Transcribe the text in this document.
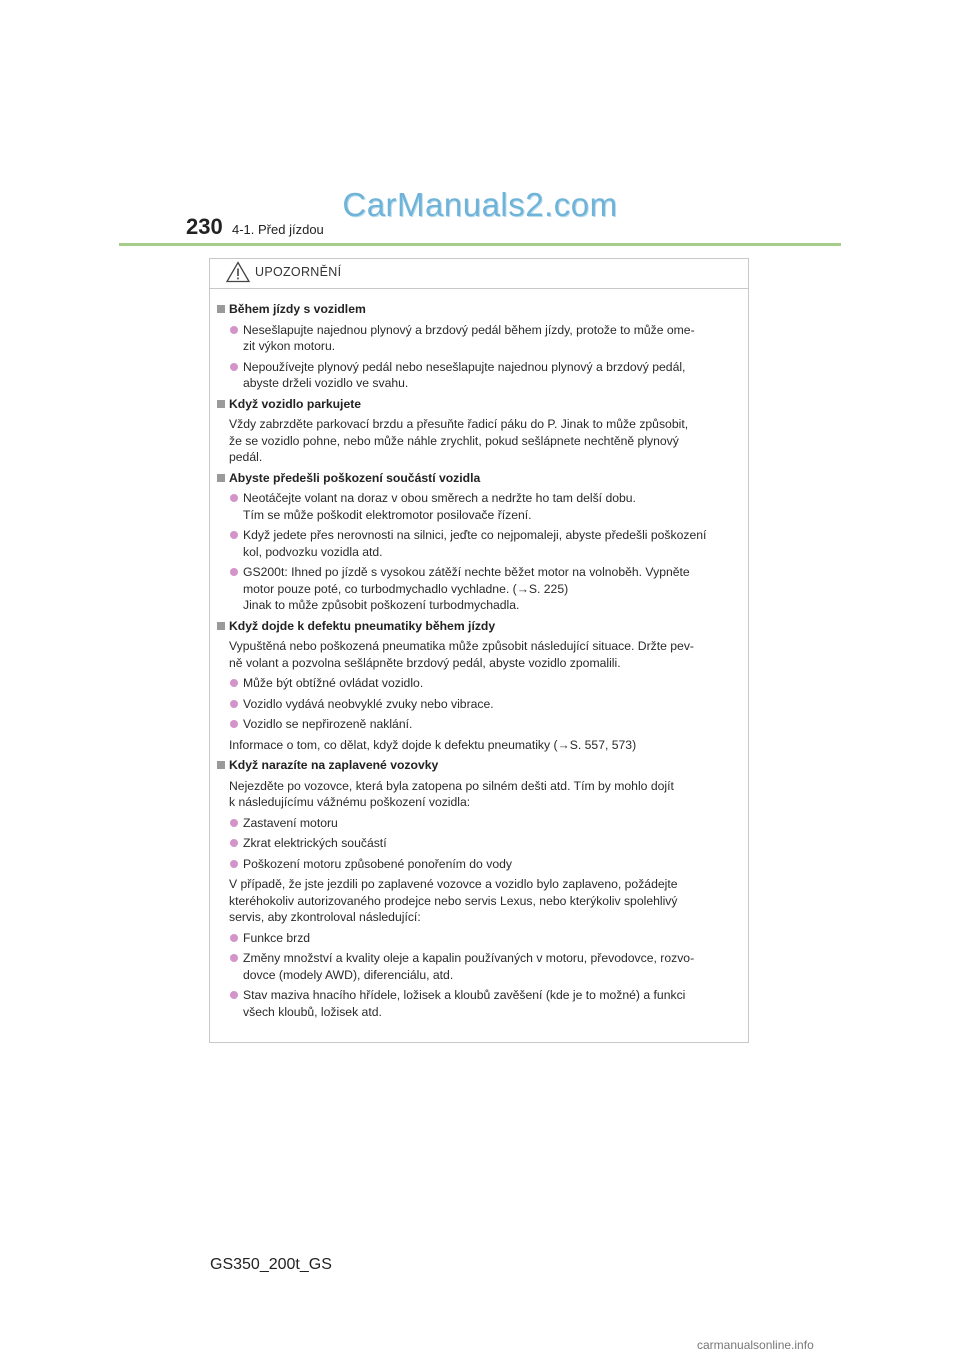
CarManuals2.com
230 4-1. Před jízdou
UPOZORNĚNÍ
Během jízdy s vozidlem
Nesešlapujte najednou plynový a brzdový pedál během jízdy, protože to může ome-
zit výkon motoru.
Nepoužívejte plynový pedál nebo nesešlapujte najednou plynový a brzdový pedál,
abyste drželi vozidlo ve svahu.
Když vozidlo parkujete
Vždy zabrzděte parkovací brzdu a přesuňte řadicí páku do P. Jinak to může způsobit,
že se vozidlo pohne, nebo může náhle zrychlit, pokud sešlápnete nechtěně plynový
pedál.
Abyste předešli poškození součástí vozidla
Neotáčejte volant na doraz v obou směrech a nedržte ho tam delší dobu.
Tím se může poškodit elektromotor posilovače řízení.
Když jedete přes nerovnosti na silnici, jeďte co nejpomaleji, abyste předešli poškození
kol, podvozku vozidla atd.
GS200t: Ihned po jízdě s vysokou zátěží nechte běžet motor na volnoběh. Vypněte
motor pouze poté, co turbodmychadlo vychladne. (→S. 225)
Jinak to může způsobit poškození turbodmychadla.
Když dojde k defektu pneumatiky během jízdy
Vypuštěná nebo poškozená pneumatika může způsobit následující situace. Držte pev-
ně volant a pozvolna sešlápněte brzdový pedál, abyste vozidlo zpomalili.
Může být obtížné ovládat vozidlo.
Vozidlo vydává neobvyklé zvuky nebo vibrace.
Vozidlo se nepřirozeně naklání.
Informace o tom, co dělat, když dojde k defektu pneumatiky (→S. 557, 573)
Když narazíte na zaplavené vozovky
Nejezděte po vozovce, která byla zatopena po silném dešti atd. Tím by mohlo dojít
k následujícímu vážnému poškození vozidla:
Zastavení motoru
Zkrat elektrických součástí
Poškození motoru způsobené ponořením do vody
V případě, že jste jezdili po zaplavené vozovce a vozidlo bylo zaplaveno, požádejte
kteréhokoliv autorizovaného prodejce nebo servis Lexus, nebo kterýkoliv spolehlivý
servis, aby zkontroloval následující:
Funkce brzd
Změny množství a kvality oleje a kapalin používaných v motoru, převodovce, rozvo-
dovce (modely AWD), diferenciálu, atd.
Stav maziva hnacího hřídele, ložisek a kloubů zavěšení (kde je to možné) a funkci
všech kloubů, ložisek atd.
GS350_200t_GS
carmanualsonline.info
